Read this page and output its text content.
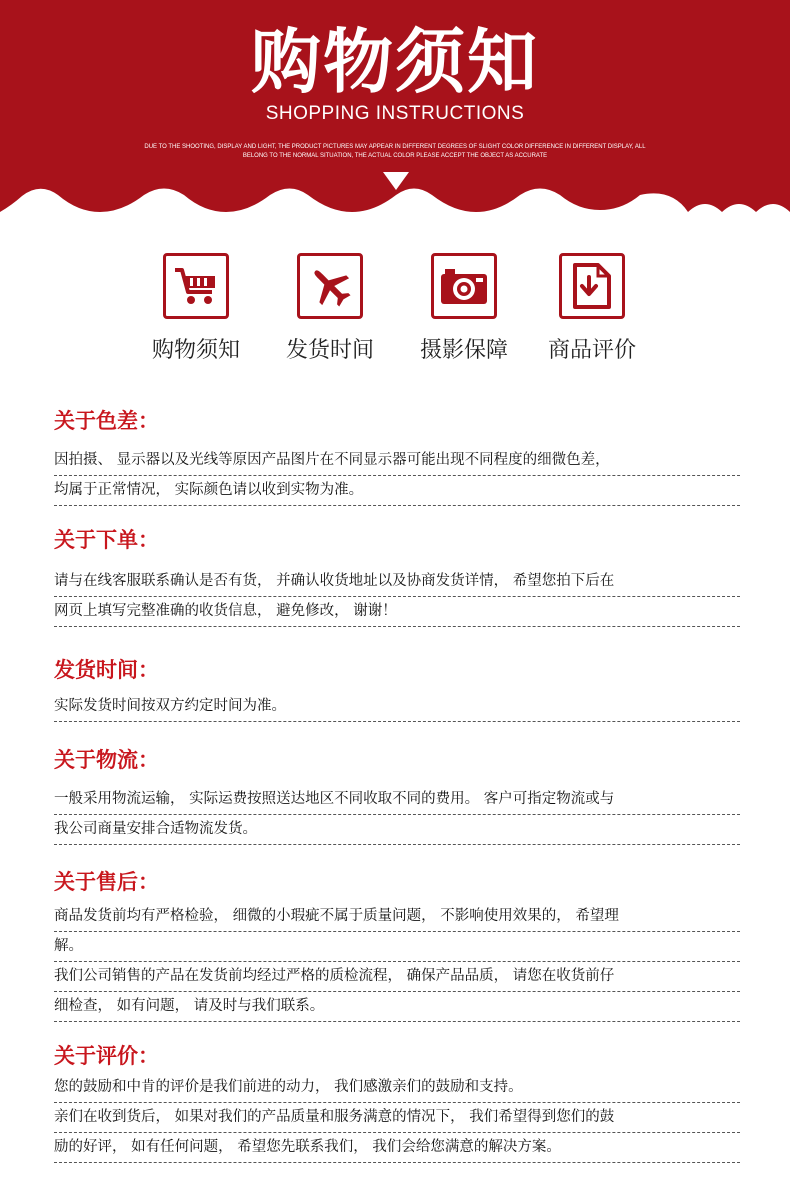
购物须知
SHOPPING INSTRUCTIONS
DUE TO THE SHOOTING, DISPLAY AND LIGHT, THE PRODUCT PICTURES MAY APPEAR IN DIFFERENT DEGREES OF SLIGHT COLOR DIFFERENCE IN DIFFERENT DISPLAY, ALL
BELONG TO THE NORMAL SITUATION, THE ACTUAL COLOR PLEASE ACCEPT THE OBJECT AS ACCURATE
购物须知	发货时间	摄影保障	商品评价
关于色差：
因拍摄、 显示器以及光线等原因产品图片在不同显示器可能出现不同程度的细微色差，
均属于正常情况， 实际颜色请以收到实物为准。
关于下单：
请与在线客服联系确认是否有货， 并确认收货地址以及协商发货详情， 希望您拍下后在
网页上填写完整准确的收货信息， 避免修改， 谢谢！
发货时间：
实际发货时间按双方约定时间为准。
关于物流：
一般采用物流运输， 实际运费按照送达地区不同收取不同的费用。 客户可指定物流或与
我公司商量安排合适物流发货。
关于售后：
商品发货前均有严格检验， 细微的小瑕疵不属于质量问题， 不影响使用效果的， 希望理
解。
我们公司销售的产品在发货前均经过严格的质检流程， 确保产品品质， 请您在收货前仔
细检查， 如有问题， 请及时与我们联系。
关于评价：
您的鼓励和中肯的评价是我们前进的动力， 我们感激亲们的鼓励和支持。
亲们在收到货后， 如果对我们的产品质量和服务满意的情况下， 我们希望得到您们的鼓
励的好评， 如有任何问题， 希望您先联系我们， 我们会给您满意的解决方案。
